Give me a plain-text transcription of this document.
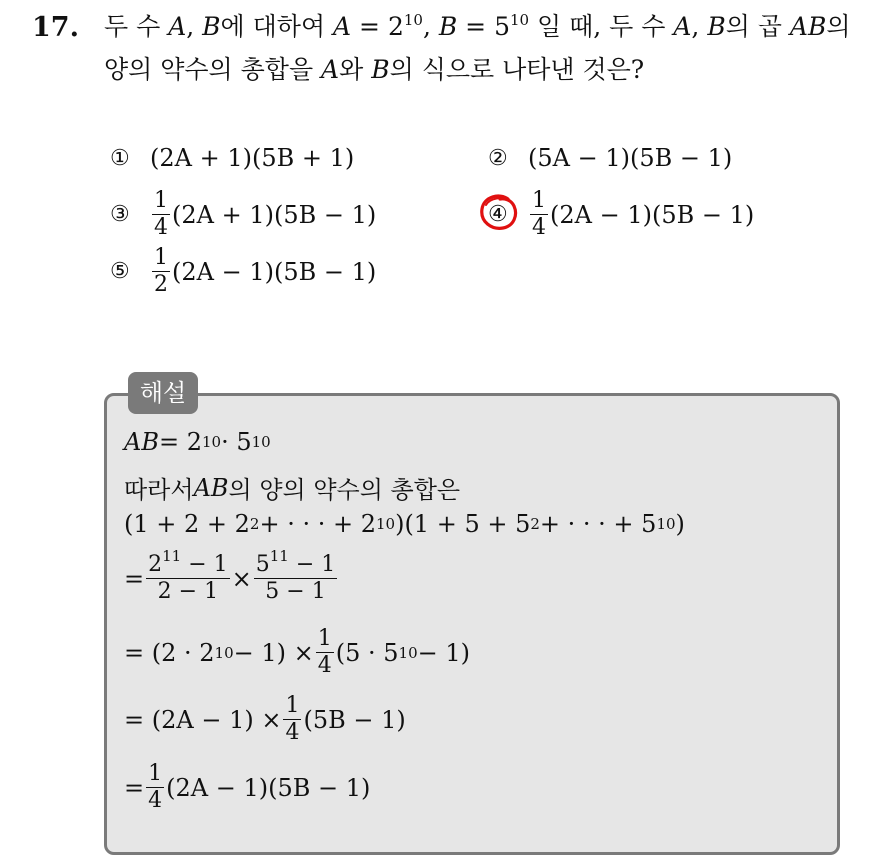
17. 두 수 A, B에 대하여 $A = 2^{10}$, $B = 5^{10}$ 일 때, 두 수 A, B의 곱 AB의
양의 약수의 총합을 A와 B의 식으로 나타낸 것은?
① (2A + 1)(5B + 1)	② (5A − 1)(5B − 1)
③	$\frac{1}{4} (2A + 1)(5B - 1)$	④	$\frac{1}{4} (2A - 1)(5B - 1)$
⑤	$\frac{1}{2} (2A - 1)(5B - 1)$
해설
AB = 2 10 · 5 10
따라서 AB 의 양의 약수의 총합은
(1 + 2 + 2 2 + · · · + 2 10 )(1 + 5 + 5 2 + · · · + 5 10 )
= $\frac{2^{11} - 1}{2 - 1} \times \frac{5^{11} - 1}{5 - 1}$
= (2 · 2 $10 - 1) \times \frac{1}{4} (5 \cdot 5$ 10 − 1)
= $(2A - 1) \times \frac{1}{4} (5B - 1)$
= $\frac{1}{4} (2A - 1)(5B - 1)$
